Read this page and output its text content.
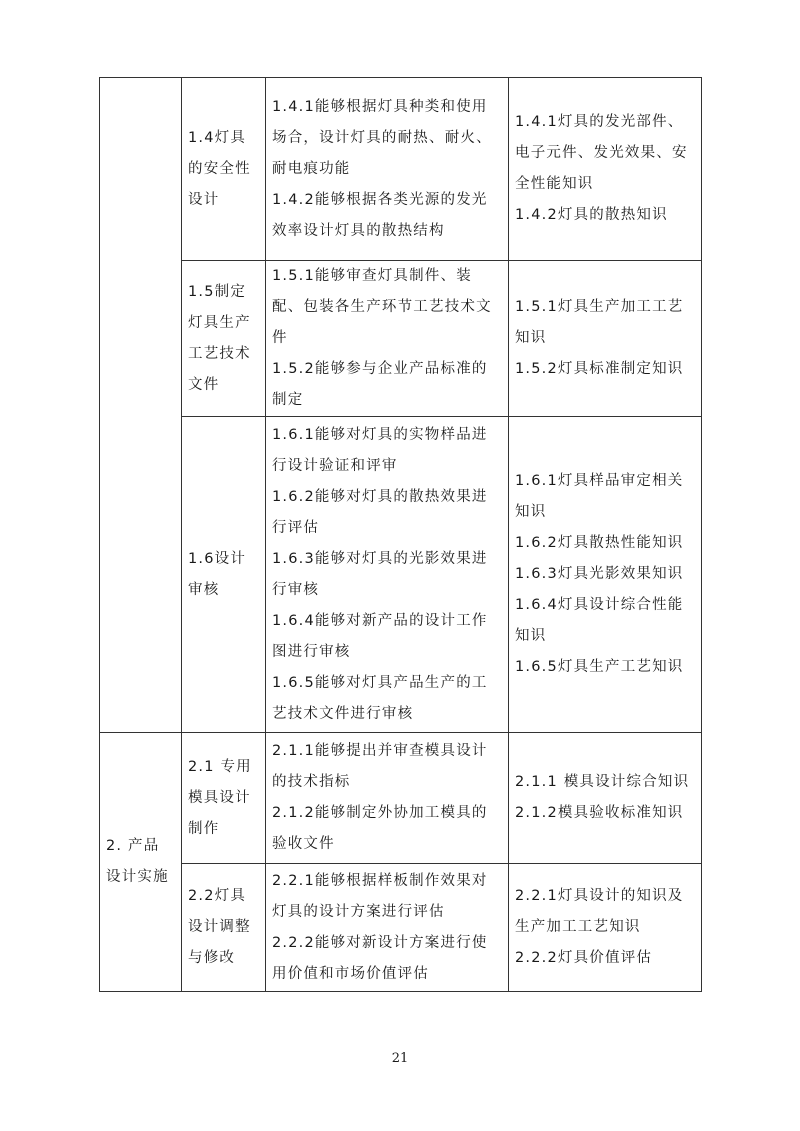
	1.4灯具的安全性设计	1.4.1能够根据灯具种类和使用场合，设计灯具的耐热、耐火、耐电痕功能
1.4.2能够根据各类光源的发光效率设计灯具的散热结构	1.4.1灯具的发光部件、电子元件、发光效果、安全性能知识
1.4.2灯具的散热知识

	1.5制定灯具生产工艺技术文件	1.5.1能够审查灯具制件、装配、包装各生产环节工艺技术文件
1.5.2能够参与企业产品标准的制定	1.5.1灯具生产加工工艺知识
1.5.2灯具标准制定知识

	1.6设计审核	1.6.1能够对灯具的实物样品进行设计验证和评审
1.6.2能够对灯具的散热效果进行评估
1.6.3能够对灯具的光影效果进行审核
1.6.4能够对新产品的设计工作图进行审核
1.6.5能够对灯具产品生产的工艺技术文件进行审核	1.6.1灯具样品审定相关知识
1.6.2灯具散热性能知识
1.6.3灯具光影效果知识
1.6.4灯具设计综合性能知识
1.6.5灯具生产工艺知识

2. 产品设计实施	2.1 专用模具设计制作	2.1.1能够提出并审查模具设计的技术指标
2.1.2能够制定外协加工模具的验收文件	2.1.1 模具设计综合知识
2.1.2模具验收标准知识

	2.2灯具设计调整与修改	2.2.1能够根据样板制作效果对灯具的设计方案进行评估
2.2.2能够对新设计方案进行使用价值和市场价值评估	2.2.1灯具设计的知识及生产加工工艺知识
2.2.2灯具价值评估
21
